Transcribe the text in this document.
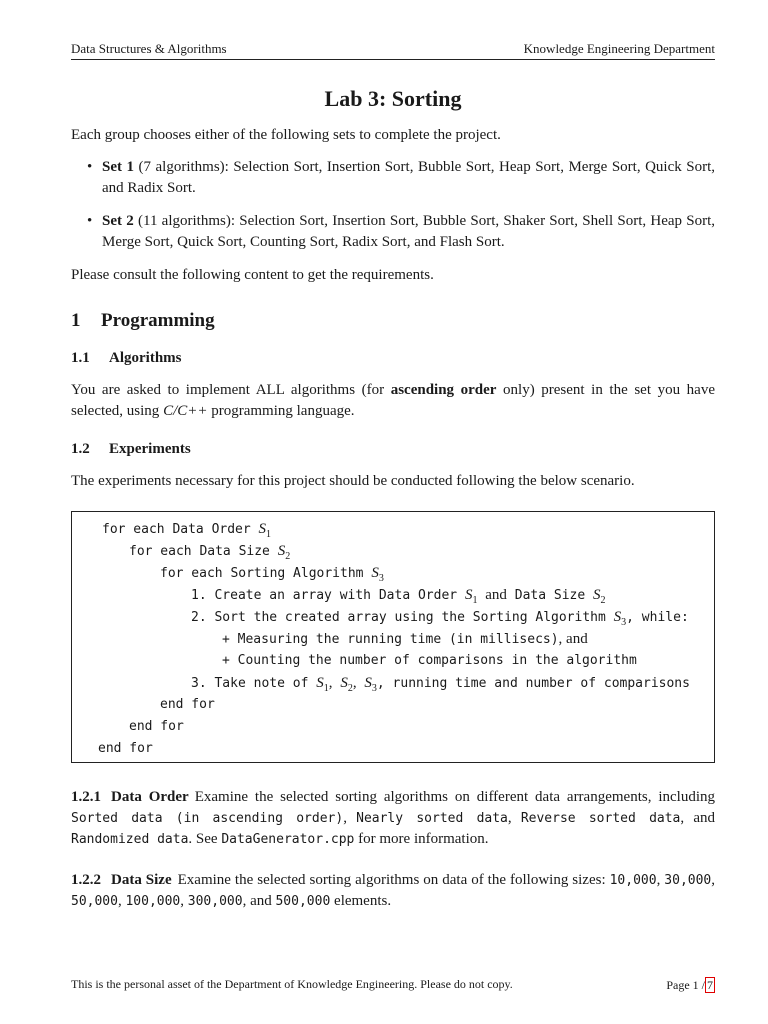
Data Structures & Algorithms	Knowledge Engineering Department
Lab 3: Sorting
Each group chooses either of the following sets to complete the project.
• Set 1 (7 algorithms): Selection Sort, Insertion Sort, Bubble Sort, Heap Sort, Merge Sort, Quick Sort, and Radix Sort.
• Set 2 (11 algorithms): Selection Sort, Insertion Sort, Bubble Sort, Shaker Sort, Shell Sort, Heap Sort, Merge Sort, Quick Sort, Counting Sort, Radix Sort, and Flash Sort.
Please consult the following content to get the requirements.
1 Programming
1.1 Algorithms
You are asked to implement ALL algorithms (for ascending order only) present in the set you have selected, using C/C++ programming language.
1.2 Experiments
The experiments necessary for this project should be conducted following the below scenario.
for each Data Order $S_1$
for each Data Size $S_2$
for each Sorting Algorithm $S_3$
1. Create an array with Data Order $S_1$ and Data Size $S_2$
2. Sort the created array using the Sorting Algorithm $S_3$, while:
+ Measuring the running time (in millisecs), and
+ Counting the number of comparisons in the algorithm
3. Take note of $S_1$, $S_2$, $S_3$, running time and number of comparisons
end for
end for
end for
1.2.1 Data Order Examine the selected sorting algorithms on different data arrangements, including Sorted data (in ascending order), Nearly sorted data, Reverse sorted data, and Randomized data. See DataGenerator.cpp for more information.
1.2.2 Data Size Examine the selected sorting algorithms on data of the following sizes: 10,000, 30,000, 50,000, 100,000, 300,000, and 500,000 elements.
This is the personal asset of the Department of Knowledge Engineering. Please do not copy.	Page 1 / 7
